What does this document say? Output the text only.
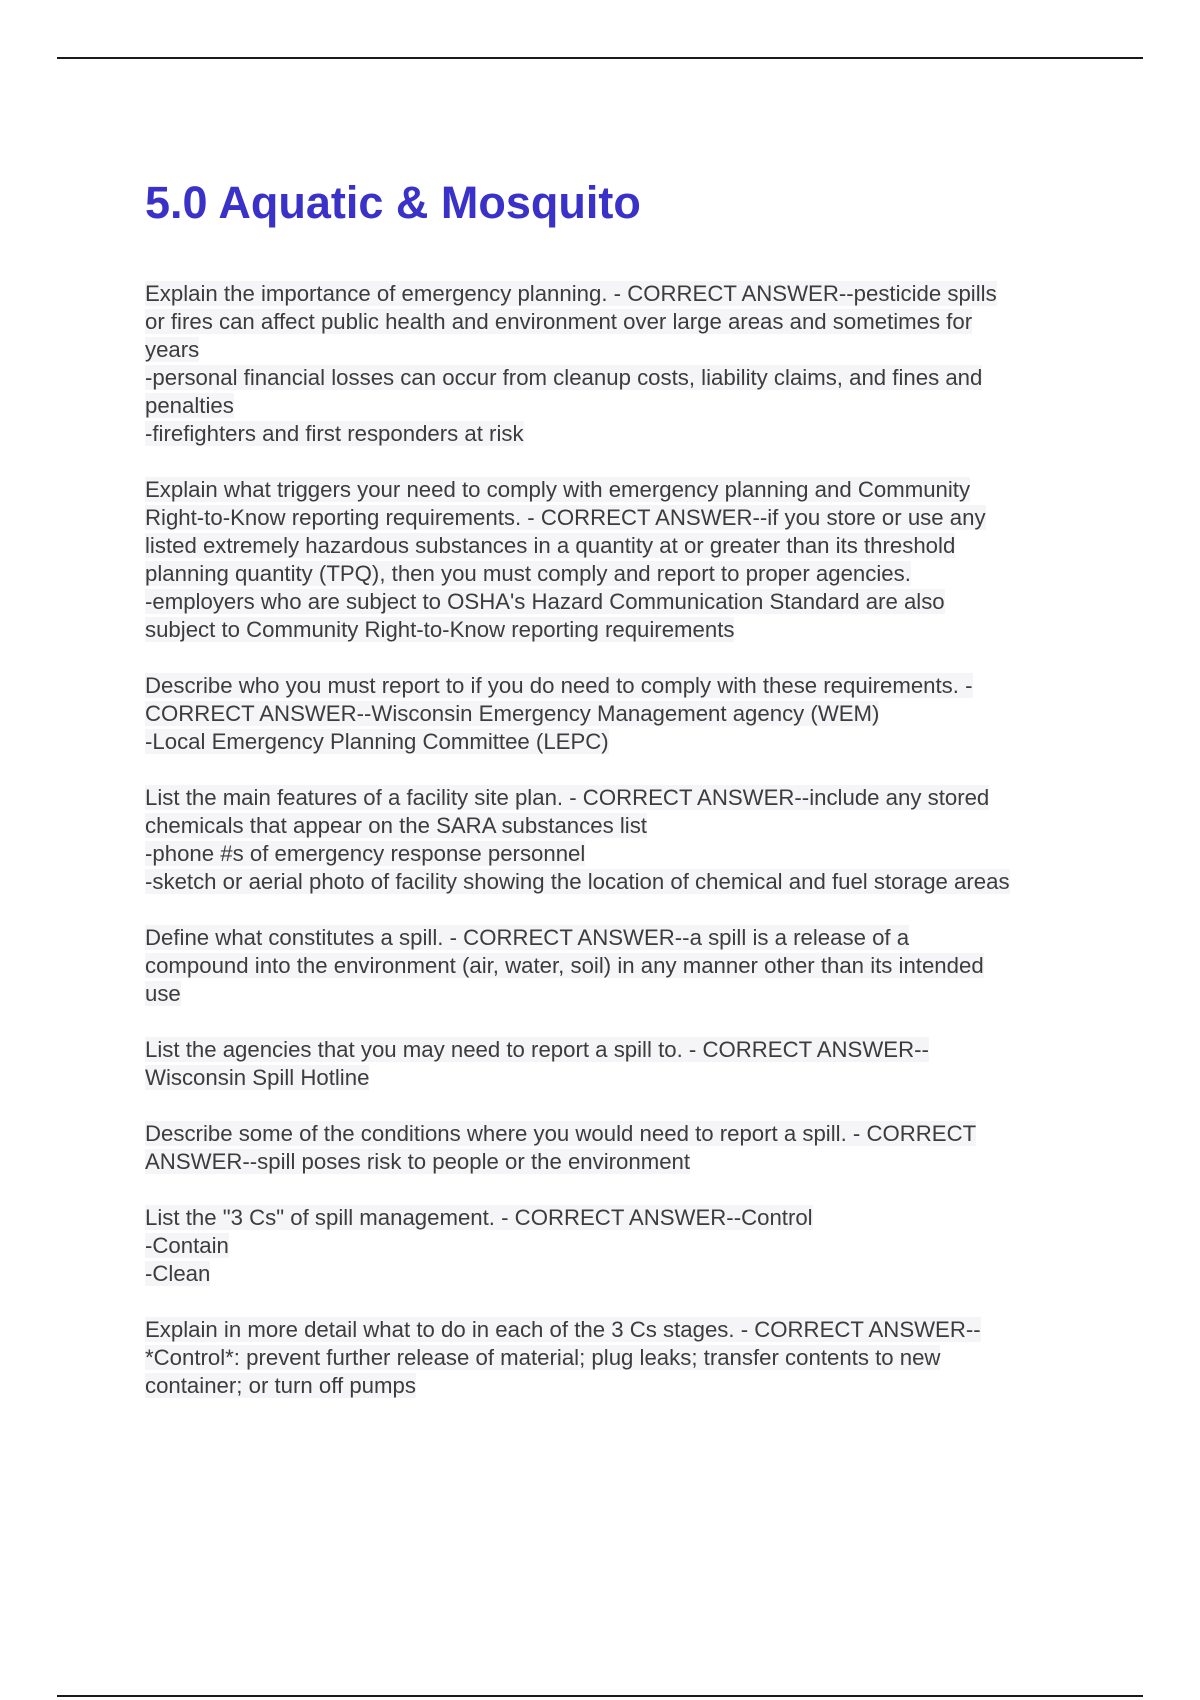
5.0 Aquatic & Mosquito

Explain the importance of emergency planning. - CORRECT ANSWER--pesticide spills
or fires can affect public health and environment over large areas and sometimes for
years
-personal financial losses can occur from cleanup costs, liability claims, and fines and
penalties
-firefighters and first responders at risk

Explain what triggers your need to comply with emergency planning and Community
Right-to-Know reporting requirements. - CORRECT ANSWER--if you store or use any
listed extremely hazardous substances in a quantity at or greater than its threshold
planning quantity (TPQ), then you must comply and report to proper agencies.
-employers who are subject to OSHA's Hazard Communication Standard are also
subject to Community Right-to-Know reporting requirements

Describe who you must report to if you do need to comply with these requirements. -
CORRECT ANSWER--Wisconsin Emergency Management agency (WEM)
-Local Emergency Planning Committee (LEPC)

List the main features of a facility site plan. - CORRECT ANSWER--include any stored
chemicals that appear on the SARA substances list
-phone #s of emergency response personnel
-sketch or aerial photo of facility showing the location of chemical and fuel storage areas

Define what constitutes a spill. - CORRECT ANSWER--a spill is a release of a
compound into the environment (air, water, soil) in any manner other than its intended
use

List the agencies that you may need to report a spill to. - CORRECT ANSWER--
Wisconsin Spill Hotline

Describe some of the conditions where you would need to report a spill. - CORRECT
ANSWER--spill poses risk to people or the environment

List the "3 Cs" of spill management. - CORRECT ANSWER--Control
-Contain
-Clean

Explain in more detail what to do in each of the 3 Cs stages. - CORRECT ANSWER--
*Control*: prevent further release of material; plug leaks; transfer contents to new
container; or turn off pumps
